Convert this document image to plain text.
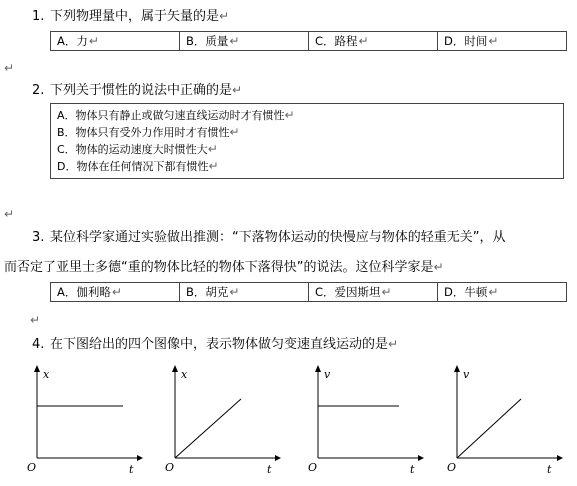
1. 下列物理量中，属于矢量的是↵
A．力↵	B．质量↵	C．路程↵	D．时间↵
↵
2. 下列关于惯性的说法中正确的是↵
A．物体只有静止或做匀速直线运动时才有惯性↵
B．物体只有受外力作用时才有惯性↵
C．物体的运动速度大时惯性大↵
D．物体在任何情况下都有惯性↵
↵
3. 某位科学家通过实验做出推测：“下落物体运动的快慢应与物体的轻重无关”，从
而否定了亚里士多德“重的物体比轻的物体下落得快”的说法。这位科学家是↵
A．伽利略↵	B．胡克↵	C．爱因斯坦↵	D．牛顿↵
↵
4. 在下图给出的四个图像中，表示物体做匀变速直线运动的是↵
x
t
O
x
t
O
v
t
O
v
t
O
